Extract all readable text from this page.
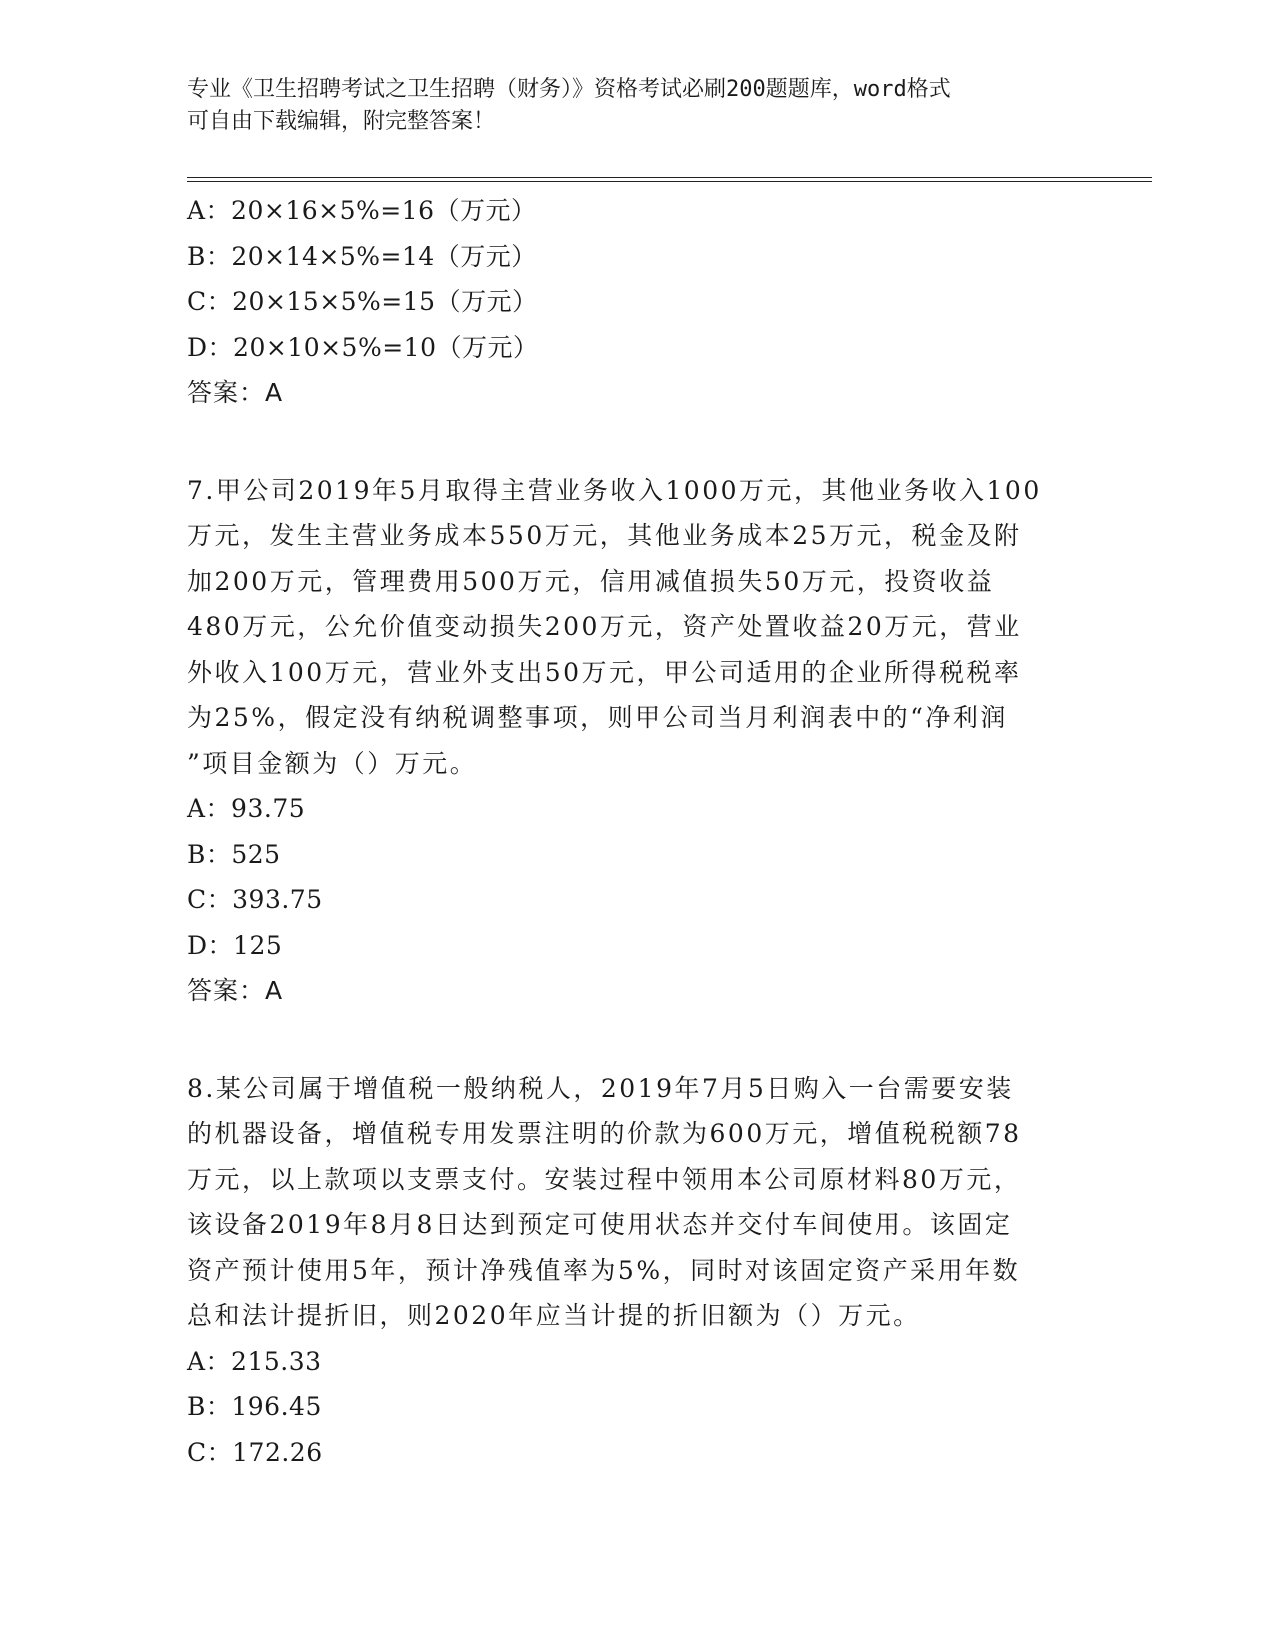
专业《卫生招聘考试之卫生招聘（财务）》资格考试必刷200题题库，word格式
可自由下载编辑，附完整答案！
A：20×16×5%=16（万元）
B：20×14×5%=14（万元）
C：20×15×5%=15（万元）
D：20×10×5%=10（万元）
答案：A
7.甲公司2019年5月取得主营业务收入1000万元，其他业务收入100
万元，发生主营业务成本550万元，其他业务成本25万元，税金及附
加200万元，管理费用500万元，信用减值损失50万元，投资收益
480万元，公允价值变动损失200万元，资产处置收益20万元，营业
外收入100万元，营业外支出50万元，甲公司适用的企业所得税税率
为25%，假定没有纳税调整事项，则甲公司当月利润表中的“净利润
”项目金额为（）万元。
A：93.75
B：525
C：393.75
D：125
答案：A
8.某公司属于增值税一般纳税人，2019年7月5日购入一台需要安装
的机器设备，增值税专用发票注明的价款为600万元，增值税税额78
万元，以上款项以支票支付。安装过程中领用本公司原材料80万元，
该设备2019年8月8日达到预定可使用状态并交付车间使用。该固定
资产预计使用5年，预计净残值率为5%，同时对该固定资产采用年数
总和法计提折旧，则2020年应当计提的折旧额为（）万元。
A：215.33
B：196.45
C：172.26
